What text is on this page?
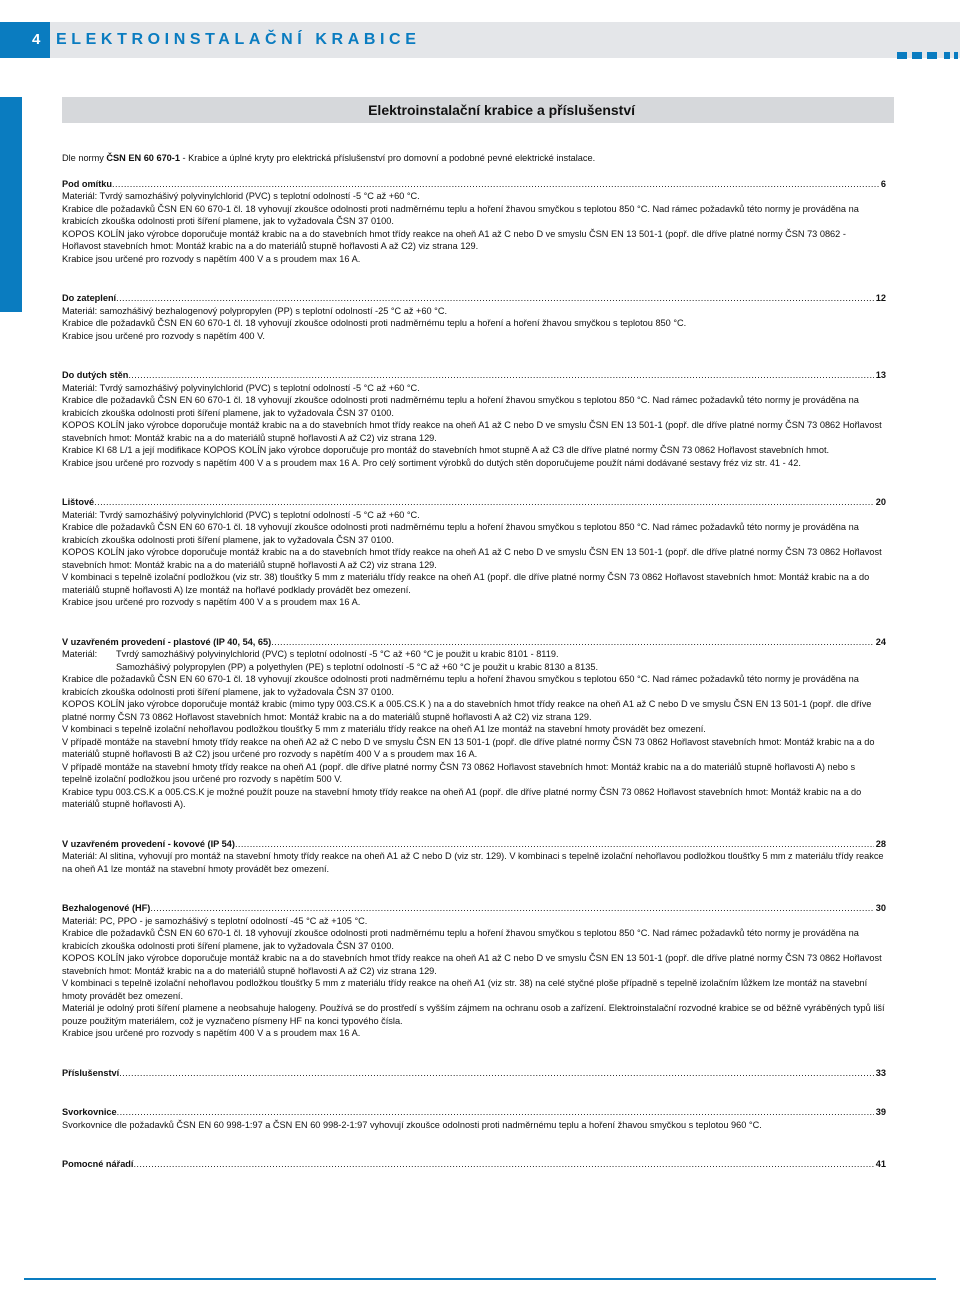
4 ELEKTROINSTALAČNÍ KRABICE
Elektroinstalační krabice a příslušenství
Dle normy ČSN EN 60 670-1 - Krabice a úplné kryty pro elektrická příslušenství pro domovní a podobné pevné elektrické instalace.
Pod omítku .....	6
Materiál: Tvrdý samozhášivý polyvinylchlorid (PVC) s teplotní odolností -5 °C až +60 °C.
Krabice dle požadavků ČSN EN 60 670-1 čl. 18 vyhovují zkoušce odolnosti proti nadměrnému teplu a hoření žhavou smyčkou s teplotou 850 °C. Nad rámec požadavků této normy je prováděna na krabicích zkouška odolnosti proti šíření plamene, jak to vyžadovala ČSN 37 0100.
KOPOS KOLÍN jako výrobce doporučuje montáž krabic na a do stavebních hmot třídy reakce na oheň A1 až C nebo D ve smyslu ČSN EN 13 501-1 (popř. dle dříve platné normy ČSN 73 0862 - Hořlavost stavebních hmot: Montáž krabic na a do materiálů stupně hořlavosti A až C2) viz strana 129.
Krabice jsou určené pro rozvody s napětím 400 V a s proudem max 16 A.
Do zateplení .....	12
Materiál: samozhášivý bezhalogenový polypropylen (PP) s teplotní odolností -25 °C až +60 °C.
Krabice dle požadavků ČSN EN 60 670-1 čl. 18 vyhovují zkoušce odolnosti proti nadměrnému teplu a hoření a hoření žhavou smyčkou s teplotou 850 °C.
Krabice jsou určené pro rozvody s napětím 400 V.
Do dutých stěn .....	13
Materiál: Tvrdý samozhášivý polyvinylchlorid (PVC) s teplotní odolností -5 °C až +60 °C.
Krabice dle požadavků ČSN EN 60 670-1 čl. 18 vyhovují zkoušce odolnosti proti nadměrnému teplu a hoření žhavou smyčkou s teplotou 850 °C. Nad rámec požadavků této normy je prováděna na krabicích zkouška odolnosti proti šíření plamene, jak to vyžadovala ČSN 37 0100.
KOPOS KOLÍN jako výrobce doporučuje montáž krabic na a do stavebních hmot třídy reakce na oheň A1 až C nebo D ve smyslu ČSN EN 13 501-1 (popř. dle dříve platné normy ČSN 73 0862 Hořlavost stavebních hmot: Montáž krabic na a do materiálů stupně hořlavosti A až C2) viz strana 129.
Krabice KI 68 L/1 a její modifikace KOPOS KOLÍN jako výrobce doporučuje pro montáž do stavebních hmot stupně A až C3 dle dříve platné normy ČSN 73 0862 Hořlavost stavebních hmot.
Krabice jsou určené pro rozvody s napětím 400 V a s proudem max 16 A. Pro celý sortiment výrobků do dutých stěn doporučujeme použít námi dodávané sestavy fréz viz str. 41 - 42.
Lištové .....	20
Materiál: Tvrdý samozhášivý polyvinylchlorid (PVC) s teplotní odolností -5 °C až +60 °C.
Krabice dle požadavků ČSN EN 60 670-1 čl. 18 vyhovují zkoušce odolnosti proti nadměrnému teplu a hoření žhavou smyčkou s teplotou 850 °C. Nad rámec požadavků této normy je prováděna na krabicích zkouška odolnosti proti šíření plamene, jak to vyžadovala ČSN 37 0100.
KOPOS KOLÍN jako výrobce doporučuje montáž krabic na a do stavebních hmot třídy reakce na oheň A1 až C nebo D ve smyslu ČSN EN 13 501-1 (popř. dle dříve platné normy ČSN 73 0862 Hořlavost stavebních hmot: Montáž krabic na a do materiálů stupně hořlavosti A až C2) viz strana 129.
V kombinaci s tepelně izolační podložkou (viz str. 38) tloušťky 5 mm z materiálu třídy reakce na oheň A1 (popř. dle dříve platné normy ČSN 73 0862 Hořlavost stavebních hmot: Montáž krabic na a do materiálů stupně hořlavosti A) lze montáž na hořlavé podklady provádět bez omezení.
Krabice jsou určené pro rozvody s napětím 400 V a s proudem max 16 A.
V uzavřeném provedení - plastové (IP 40, 54, 65) .....	24
Materiál:	Tvrdý samozhášivý polyvinylchlorid (PVC) s teplotní odolností -5 °C až +60 °C je použit u krabic 8101 - 8119.
Samozhášivý polypropylen (PP) a polyethylen (PE) s teplotní odolností -5 °C až +60 °C je použit u krabic 8130 a 8135.
Krabice dle požadavků ČSN EN 60 670-1 čl. 18 vyhovují zkoušce odolnosti proti nadměrnému teplu a hoření žhavou smyčkou s teplotou 650 °C. Nad rámec požadavků této normy je prováděna na krabicích zkouška odolnosti proti šíření plamene, jak to vyžadovala ČSN 37 0100.
KOPOS KOLÍN jako výrobce doporučuje montáž krabic (mimo typy 003.CS.K a 005.CS.K ) na a do stavebních hmot třídy reakce na oheň A1 až C nebo D ve smyslu ČSN EN 13 501-1 (popř. dle dříve platné normy ČSN 73 0862 Hořlavost stavebních hmot: Montáž krabic na a do materiálů stupně hořlavosti A až C2) viz strana 129.
V kombinaci s tepelně izolační nehořlavou podložkou tloušťky 5 mm z materiálu třídy reakce na oheň A1 lze montáž na stavební hmoty provádět bez omezení.
V případě montáže na stavební hmoty třídy reakce na oheň A2 až C nebo D ve smyslu ČSN EN 13 501-1 (popř. dle dříve platné normy ČSN 73 0862 Hořlavost stavebních hmot: Montáž krabic na a do materiálů stupně hořlavosti B až C2) jsou určené pro rozvody s napětím 400 V a s proudem max 16 A.
V případě montáže na stavební hmoty třídy reakce na oheň A1 (popř. dle dříve platné normy ČSN 73 0862 Hořlavost stavebních hmot: Montáž krabic na a do materiálů stupně hořlavosti A) nebo s tepelně izolační podložkou jsou určené pro rozvody s napětím 500 V.
Krabice typu 003.CS.K a 005.CS.K je možné použít pouze na stavební hmoty třídy reakce na oheň A1 (popř. dle dříve platné normy ČSN 73 0862 Hořlavost stavebních hmot: Montáž krabic na a do materiálů stupně hořlavosti A).
V uzavřeném provedení - kovové (IP 54) .....	28
Materiál: Al slitina, vyhovují pro montáž na stavební hmoty třídy reakce na oheň A1 až C nebo D (viz str. 129). V kombinaci s tepelně izolační nehořlavou podložkou tloušťky 5 mm z materiálu třídy reakce na oheň A1 lze montáž na stavební hmoty provádět bez omezení.
Bezhalogenové (HF) .....	30
Materiál: PC, PPO - je samozhášivý s teplotní odolností -45 °C až +105 °C.
Krabice dle požadavků ČSN EN 60 670-1 čl. 18 vyhovují zkoušce odolnosti proti nadměrnému teplu a hoření žhavou smyčkou s teplotou 850 °C. Nad rámec požadavků této normy je prováděna na krabicích zkouška odolnosti proti šíření plamene, jak to vyžadovala ČSN 37 0100.
KOPOS KOLÍN jako výrobce doporučuje montáž krabic na a do stavebních hmot třídy reakce na oheň A1 až C nebo D ve smyslu ČSN EN 13 501-1 (popř. dle dříve platné normy ČSN 73 0862 Hořlavost stavebních hmot: Montáž krabic na a do materiálů stupně hořlavosti A až C2) viz strana 129.
V kombinaci s tepelně izolační nehořlavou podložkou tloušťky 5 mm z materiálu třídy reakce na oheň A1 (viz str. 38) na celé styčné ploše případně s tepelně izolačním lůžkem lze montáž na stavební hmoty provádět bez omezení.
Materiál je odolný proti šíření plamene a neobsahuje halogeny. Používá se do prostředí s vyšším zájmem na ochranu osob a zařízení. Elektroinstalační rozvodné krabice se od běžně vyráběných typů liší pouze použitým materiálem, což je vyznačeno písmeny HF na konci typového čísla.
Krabice jsou určené pro rozvody s napětím 400 V a s proudem max 16 A.
Příslušenství .....	33
Svorkovnice .....	39
Svorkovnice dle požadavků ČSN EN 60 998-1:97 a ČSN EN 60 998-2-1:97 vyhovují zkoušce odolnosti proti nadměrnému teplu a hoření žhavou smyčkou s teplotou 960 °C.
Pomocné nářadí .....	41
